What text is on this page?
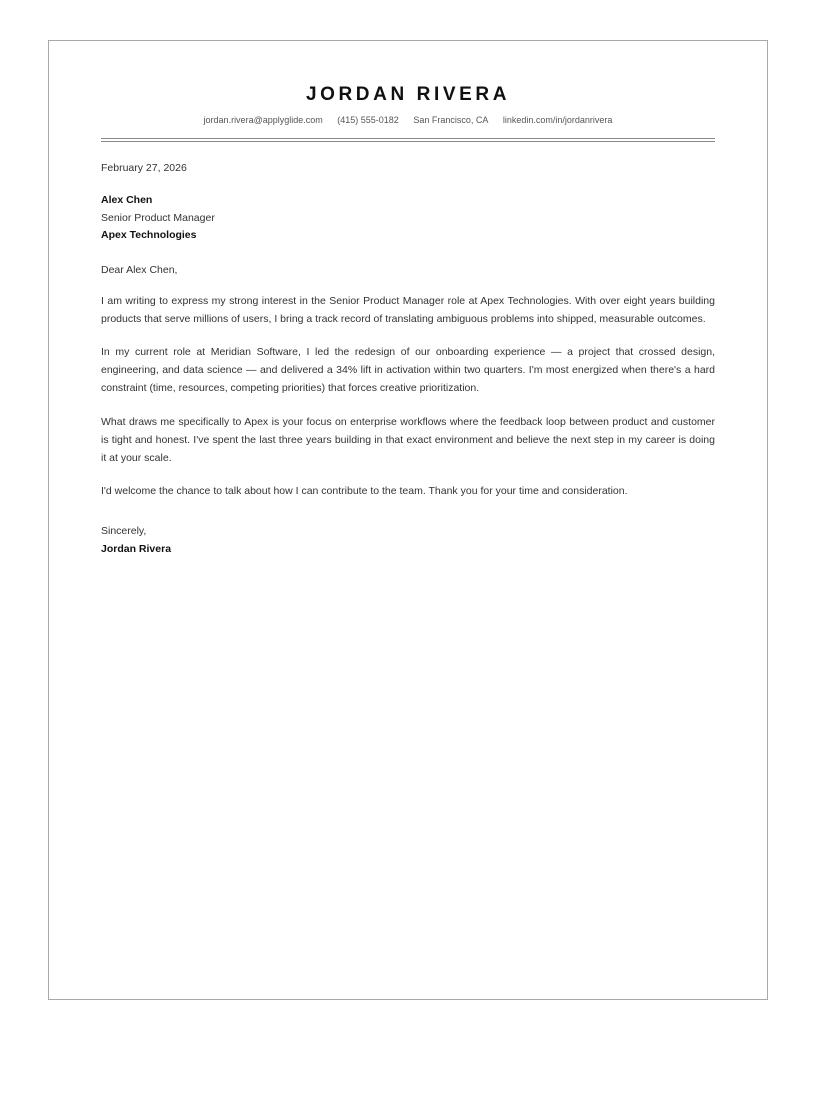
JORDAN RIVERA
jordan.rivera@applyglide.com (415) 555-0182 San Francisco, CA linkedin.com/in/jordanrivera
February 27, 2026
Alex Chen
Senior Product Manager
Apex Technologies
Dear Alex Chen,

I am writing to express my strong interest in the Senior Product Manager role at Apex Technologies. With over eight years building products that serve millions of users, I bring a track record of translating ambiguous problems into shipped, measurable outcomes.

In my current role at Meridian Software, I led the redesign of our onboarding experience — a project that crossed design, engineering, and data science — and delivered a 34% lift in activation within two quarters. I'm most energized when there's a hard constraint (time, resources, competing priorities) that forces creative prioritization.

What draws me specifically to Apex is your focus on enterprise workflows where the feedback loop between product and customer is tight and honest. I've spent the last three years building in that exact environment and believe the next step in my career is doing it at your scale.

I'd welcome the chance to talk about how I can contribute to the team. Thank you for your time and consideration.

Sincerely,
Jordan Rivera
